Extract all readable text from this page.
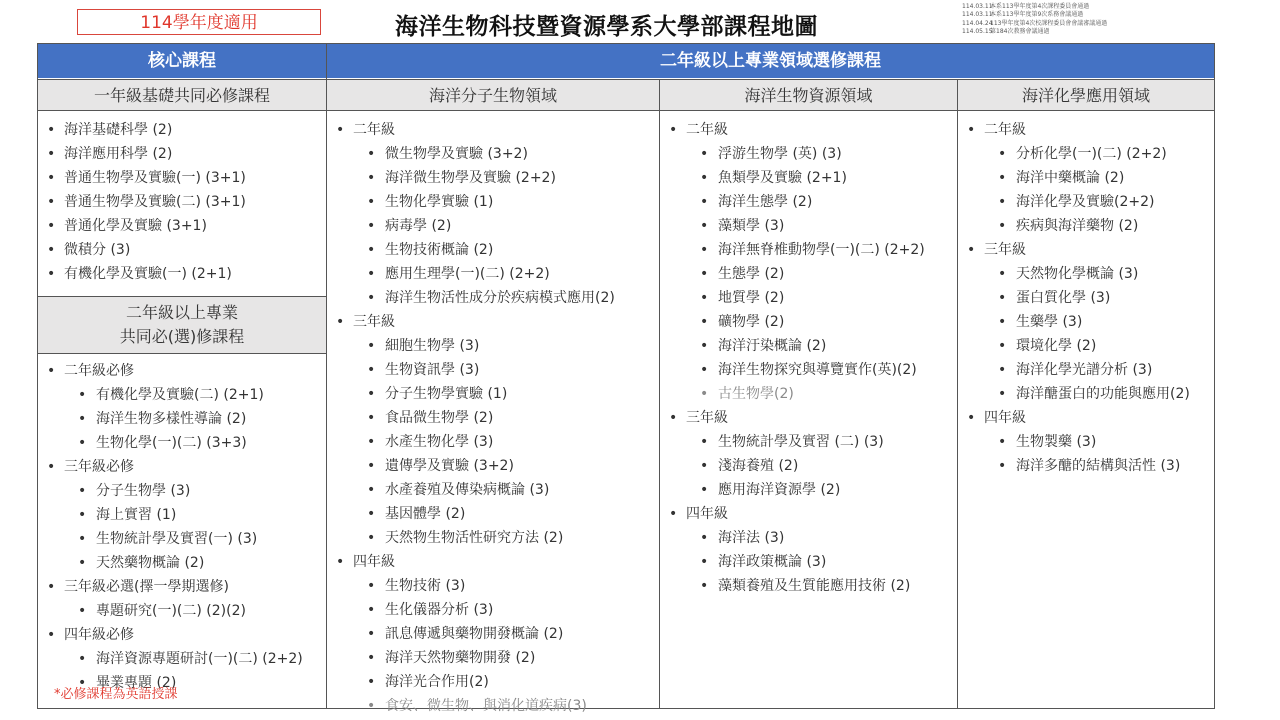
114學年度適用	海洋生物科技暨資源學系大學部課程地圖
114.03.11本系113學年度第4次課程委員會通過
114.03.11本系113學年度第9次系務會議通過
114.04.24113學年度第4次校課程委員會會議審議通過
114.05.15第184次教務會議通過
核心課程	二年級以上專業領域選修課程
一年級基礎共同必修課程	海洋分子生物領域	海洋生物資源領域	海洋化學應用領域
• 海洋基礎科學 (2)
• 海洋應用科學 (2)
• 普通生物學及實驗(一) (3+1)
• 普通生物學及實驗(二) (3+1)
• 普通化學及實驗 (3+1)
• 微積分 (3)
• 有機化學及實驗(一) (2+1)
二年級以上專業
共同必(選)修課程
• 二年級必修
• 有機化學及實驗(二) (2+1)
• 海洋生物多樣性導論 (2)
• 生物化學(一)(二) (3+3)
• 三年級必修
• 分子生物學 (3)
• 海上實習 (1)
• 生物統計學及實習(一) (3)
• 天然藥物概論 (2)
• 三年級必選(擇一學期選修)
• 專題研究(一)(二) (2)(2)
• 四年級必修
• 海洋資源專題研討(一)(二) (2+2)
• 畢業專題 (2)
*必修課程為英語授課
• 二年級
• 微生物學及實驗 (3+2)
• 海洋微生物學及實驗 (2+2)
• 生物化學實驗 (1)
• 病毒學 (2)
• 生物技術概論 (2)
• 應用生理學(一)(二) (2+2)
• 海洋生物活性成分於疾病模式應用(2)
• 三年級
• 細胞生物學 (3)
• 生物資訊學 (3)
• 分子生物學實驗 (1)
• 食品微生物學 (2)
• 水產生物化學 (3)
• 遺傳學及實驗 (3+2)
• 水產養殖及傳染病概論 (3)
• 基因體學 (2)
• 天然物生物活性研究方法 (2)
• 四年級
• 生物技術 (3)
• 生化儀器分析 (3)
• 訊息傳遞與藥物開發概論 (2)
• 海洋天然物藥物開發 (2)
• 海洋光合作用(2)
• 食安、微生物、與消化道疾病(3)
• 二年級
• 浮游生物學 (英) (3)
• 魚類學及實驗 (2+1)
• 海洋生態學 (2)
• 藻類學 (3)
• 海洋無脊椎動物學(一)(二) (2+2)
• 生態學 (2)
• 地質學 (2)
• 礦物學 (2)
• 海洋汙染概論 (2)
• 海洋生物探究與導覽實作(英)(2)
• 古生物學(2)
• 三年級
• 生物統計學及實習 (二) (3)
• 淺海養殖 (2)
• 應用海洋資源學 (2)
• 四年級
• 海洋法 (3)
• 海洋政策概論 (3)
• 藻類養殖及生質能應用技術 (2)
• 二年級
• 分析化學(一)(二) (2+2)
• 海洋中藥概論 (2)
• 海洋化學及實驗(2+2)
• 疾病與海洋藥物 (2)
• 三年級
• 天然物化學概論 (3)
• 蛋白質化學 (3)
• 生藥學 (3)
• 環境化學 (2)
• 海洋化學光譜分析 (3)
• 海洋醣蛋白的功能與應用(2)
• 四年級
• 生物製藥 (3)
• 海洋多醣的結構與活性 (3)
